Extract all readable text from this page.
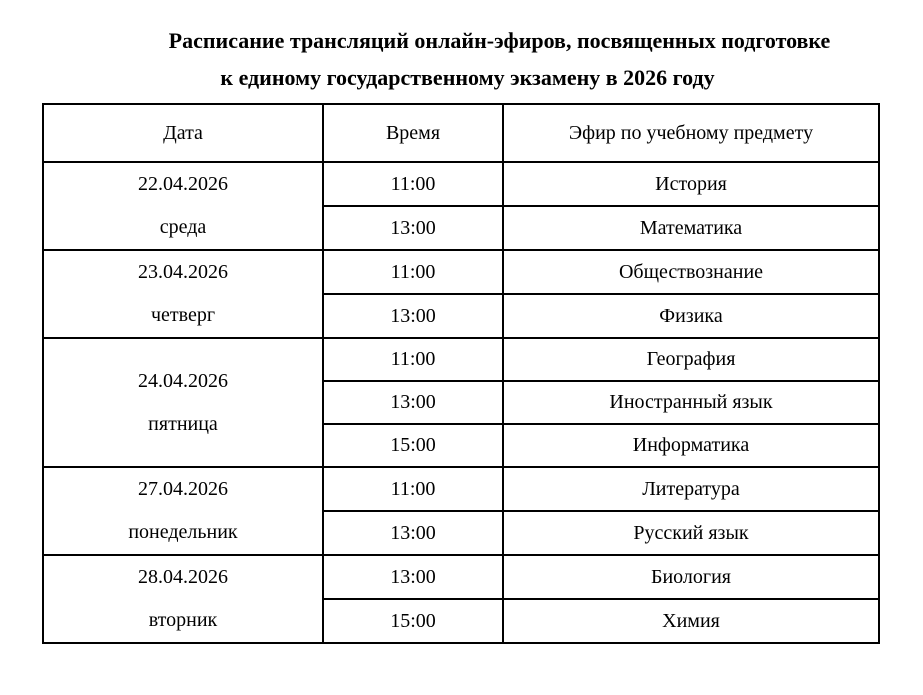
Расписание трансляций онлайн-эфиров, посвященных подготовке
к единому государственному экзамену в 2026 году
Дата	Время	Эфир по учебному предмету

22.04.2026
среда	11:00	История
	13:00	Математика

23.04.2026
четверг	11:00	Обществознание
	13:00	Физика

24.04.2026
пятница	11:00	География
	13:00	Иностранный язык
	15:00	Информатика

27.04.2026
понедельник	11:00	Литература
	13:00	Русский язык

28.04.2026
вторник	13:00	Биология
	15:00	Химия
